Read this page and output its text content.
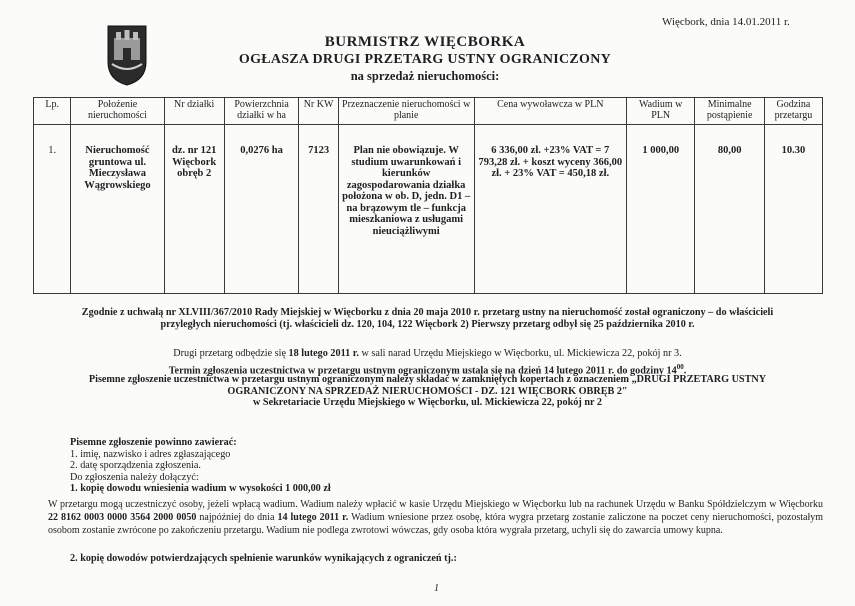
Więcbork, dnia 14.01.2011 r.
BURMISTRZ WIĘCBORKA
OGŁASZA DRUGI PRZETARG USTNY OGRANICZONY
na sprzedaż nieruchomości:
Lp.	Położenie nieruchomości	Nr działki	Powierzchnia działki w ha	Nr KW	Przeznaczenie nieruchomości w planie	Cena wywoławcza w PLN	Wadium w PLN	Minimalne postąpienie	Godzina przetargu
1.	Nieruchomość gruntowa ul. Mieczysława Wągrowskiego	dz. nr 121 Więcbork obręb 2	0,0276 ha	7123	Plan nie obowiązuje. W studium uwarunkowań i kierunków zagospodarowania działka położona w ob. D, jedn. D1 – na brązowym tle – funkcja mieszkaniowa z usługami nieuciążliwymi	6 336,00 zł. +23% VAT = 7 793,28 zł. + koszt wyceny 366,00 zł. + 23% VAT = 450,18 zł.	1 000,00	80,00	10.30
Zgodnie z uchwałą nr XLVIII/367/2010 Rady Miejskiej w Więcborku z dnia 20 maja 2010 r. przetarg ustny na nieruchomość został ograniczony – do właścicieli przyległych nieruchomości (tj. właścicieli dz. 120, 104, 122 Więcbork 2) Pierwszy przetarg odbył się 25 października 2010 r.
Drugi przetarg odbędzie się 18 lutego 2011 r. w sali narad Urzędu Miejskiego w Więcborku, ul. Mickiewicza 22, pokój nr 3.
Termin zgłoszenia uczestnictwa w przetargu ustnym ograniczonym ustala się na dzień 14 lutego 2011 r. do godziny $14^{00}$.
Pisemne zgłoszenie uczestnictwa w przetargu ustnym ograniczonym należy składać w zamkniętych kopertach z oznaczeniem „DRUGI PRZETARG USTNY OGRANICZONY NA SPRZEDAŻ NIERUCHOMOŚCI - DZ. 121 WIĘCBORK OBRĘB 2"
w Sekretariacie Urzędu Miejskiego w Więcborku, ul. Mickiewicza 22, pokój nr 2
Pisemne zgłoszenie powinno zawierać:
1. imię, nazwisko i adres zgłaszającego
2. datę sporządzenia zgłoszenia.
Do zgłoszenia należy dołączyć:
1. kopię dowodu wniesienia wadium w wysokości 1 000,00 zł
W przetargu mogą uczestniczyć osoby, jeżeli wpłacą wadium. Wadium należy wpłacić w kasie Urzędu Miejskiego w Więcborku lub na rachunek Urzędu w Banku Spółdzielczym w Więcborku 22 8162 0003 0000 3564 2000 0050 najpóźniej do dnia 14 lutego 2011 r. Wadium wniesione przez osobę, która wygra przetarg zostanie zaliczone na poczet ceny nieruchomości, pozostałym osobom zostanie zwrócone po zakończeniu przetargu. Wadium nie podlega zwrotowi wówczas, gdy osoba która wygrała przetarg, uchyli się do zawarcia umowy kupna.
2. kopię dowodów potwierdzających spełnienie warunków wynikających z ograniczeń tj.:
1
